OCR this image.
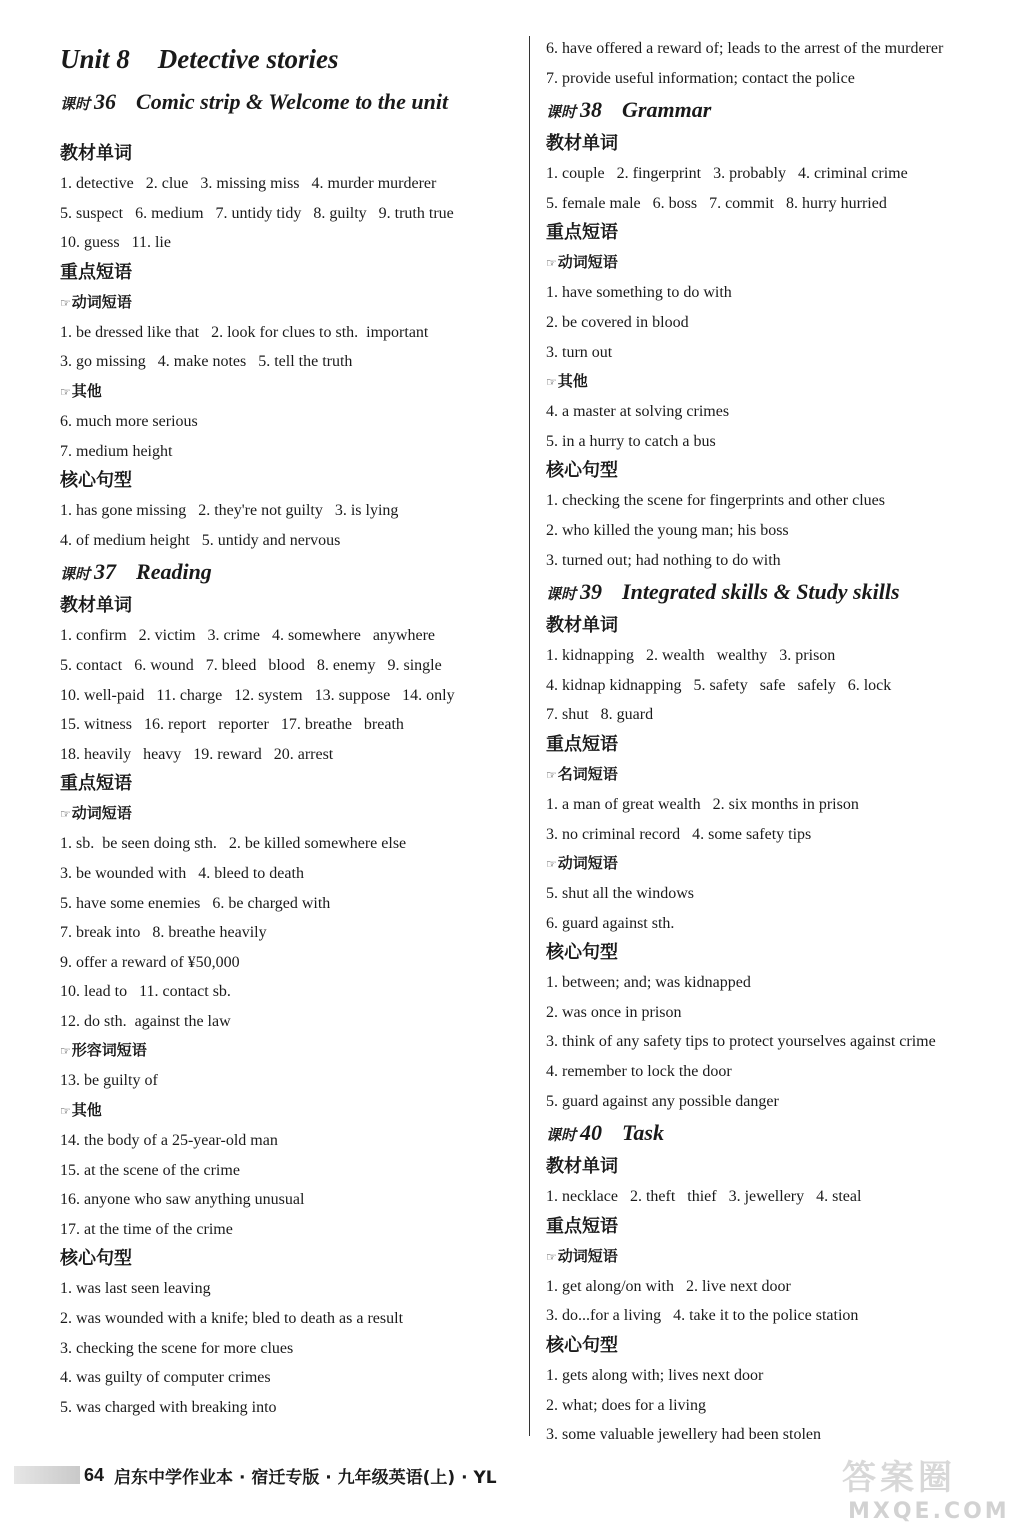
Unit 8 Detective stories
课时 36 Comic strip & Welcome to the unit
教材单词
1. detective   2. clue   3. missing miss   4. murder murderer
5. suspect   6. medium   7. untidy tidy   8. guilty   9. truth true
10. guess   11. lie
重点短语
☞动词短语
1. be dressed like that   2. look for clues to sth.  important
3. go missing   4. make notes   5. tell the truth
☞其他
6. much more serious
7. medium height
核心句型
1. has gone missing   2. they're not guilty   3. is lying
4. of medium height   5. untidy and nervous
课时 37 Reading
教材单词
1. confirm   2. victim   3. crime   4. somewhere   anywhere
5. contact   6. wound   7. bleed   blood   8. enemy   9. single
10. well-paid   11. charge   12. system   13. suppose   14. only
15. witness   16. report   reporter   17. breathe   breath
18. heavily   heavy   19. reward   20. arrest
重点短语
☞动词短语
1. sb.  be seen doing sth.   2. be killed somewhere else
3. be wounded with   4. bleed to death
5. have some enemies   6. be charged with
7. break into   8. breathe heavily
9. offer a reward of ¥50,000
10. lead to   11. contact sb.
12. do sth.  against the law
☞形容词短语
13. be guilty of
☞其他
14. the body of a 25-year-old man
15. at the scene of the crime
16. anyone who saw anything unusual
17. at the time of the crime
核心句型
1. was last seen leaving
2. was wounded with a knife; bled to death as a result
3. checking the scene for more clues
4. was guilty of computer crimes
5. was charged with breaking into
6. have offered a reward of; leads to the arrest of the murderer
7. provide useful information; contact the police
课时 38 Grammar
教材单词
1. couple   2. fingerprint   3. probably   4. criminal crime
5. female male   6. boss   7. commit   8. hurry hurried
重点短语
☞动词短语
1. have something to do with
2. be covered in blood
3. turn out
☞其他
4. a master at solving crimes
5. in a hurry to catch a bus
核心句型
1. checking the scene for fingerprints and other clues
2. who killed the young man; his boss
3. turned out; had nothing to do with
课时 39 Integrated skills & Study skills
教材单词
1. kidnapping   2. wealth   wealthy   3. prison
4. kidnap kidnapping   5. safety   safe   safely   6. lock
7. shut   8. guard
重点短语
☞名词短语
1. a man of great wealth   2. six months in prison
3. no criminal record   4. some safety tips
☞动词短语
5. shut all the windows
6. guard against sth.
核心句型
1. between; and; was kidnapped
2. was once in prison
3. think of any safety tips to protect yourselves against crime
4. remember to lock the door
5. guard against any possible danger
课时 40 Task
教材单词
1. necklace   2. theft   thief   3. jewellery   4. steal
重点短语
☞动词短语
1. get along/on with   2. live next door
3. do...for a living   4. take it to the police station
核心句型
1. gets along with; lives next door
2. what; does for a living
3. some valuable jewellery had been stolen
64 启东中学作业本 · 宿迁专版 · 九年级英语(上) · YL	答案圈
MXQE.COM
